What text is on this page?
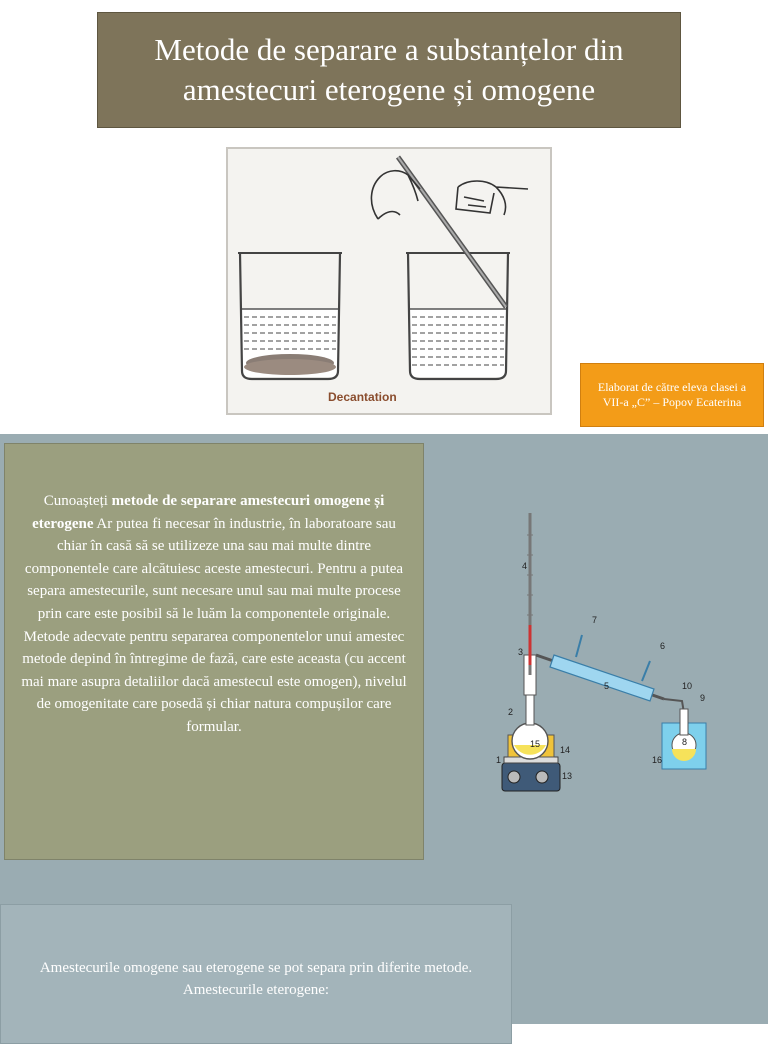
Metode de separare a substanțelor din amestecuri eterogene și omogene
Decantation
Elaborat de către eleva clasei a VII-a „C” – Popov Ecaterina
Cunoașteți metode de separare amestecuri omogene și eterogene Ar putea fi necesar în industrie, în laboratoare sau chiar în casă să se utilizeze una sau mai multe dintre componentele care alcătuiesc aceste amestecuri. Pentru a putea separa amestecurile, sunt necesare unul sau mai multe procese prin care este posibil să le luăm la componentele originale.
Metode adecvate pentru separarea componentelor unui amestec metode depind în întregime de fază, care este aceasta (cu accent mai mare asupra detaliilor dacă amestecul este omogen), nivelul de omogenitate care posedă și chiar natura compușilor care formular.
4
3
2
1
7
6
5	10
9
8
14
15
13
16
Amestecurile omogene sau eterogene se pot separa prin diferite metode.
Amestecurile eterogene:
